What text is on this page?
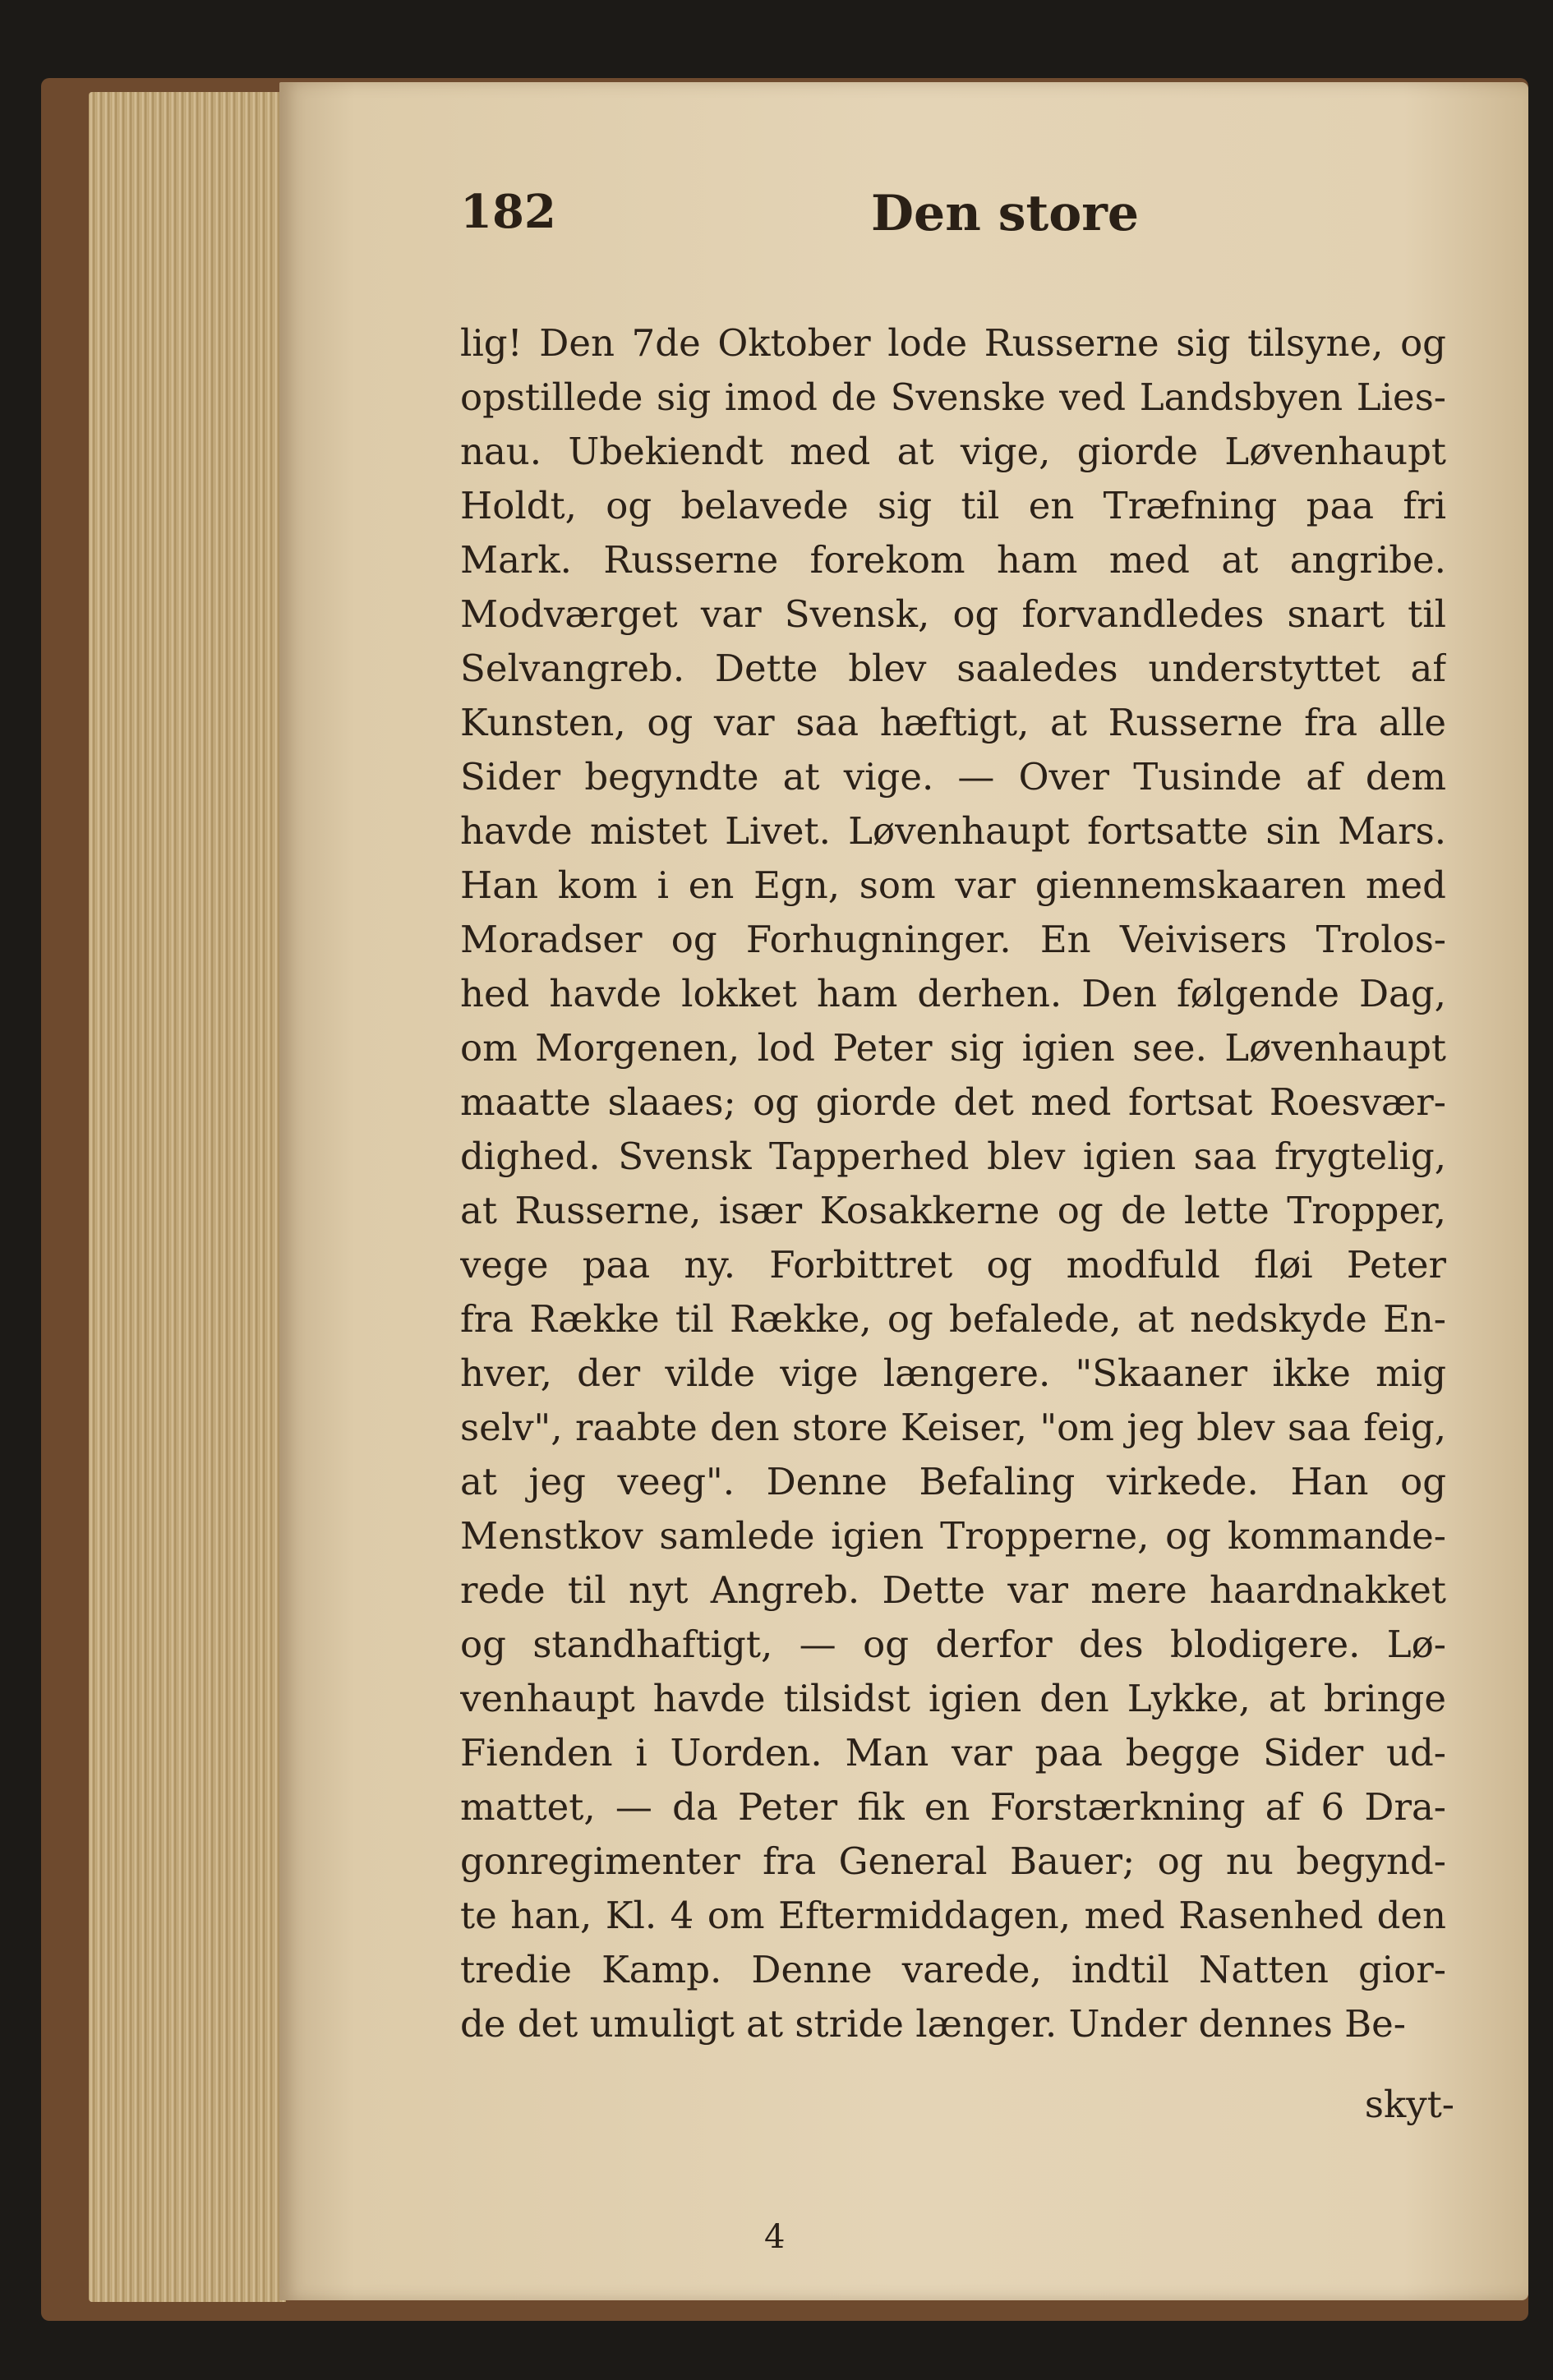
182	Den store
lig! Den 7de Oktober lode Russerne sig tilsyne, og
opstillede sig imod de Svenske ved Landsbyen Lies-
nau. Ubekiendt med at vige, giorde Løvenhaupt
Holdt, og belavede sig til en Træfning paa fri
Mark. Russerne forekom ham med at angribe.
Modværget var Svensk, og forvandledes snart til
Selvangreb. Dette blev saaledes understyttet af
Kunsten, og var saa hæftigt, at Russerne fra alle
Sider begyndte at vige. — Over Tusinde af dem
havde mistet Livet. Løvenhaupt fortsatte sin Mars.
Han kom i en Egn, som var giennemskaaren med
Moradser og Forhugninger. En Veivisers Trolos-
hed havde lokket ham derhen. Den følgende Dag,
om Morgenen, lod Peter sig igien see. Løvenhaupt
maatte slaaes; og giorde det med fortsat Roesvær-
dighed. Svensk Tapperhed blev igien saa frygtelig,
at Russerne, især Kosakkerne og de lette Tropper,
vege paa ny. Forbittret og modfuld fløi Peter
fra Række til Række, og befalede, at nedskyde En-
hver, der vilde vige længere. "Skaaner ikke mig
selv", raabte den store Keiser, "om jeg blev saa feig,
at jeg veeg". Denne Befaling virkede. Han og
Menstkov samlede igien Tropperne, og kommande-
rede til nyt Angreb. Dette var mere haardnakket
og standhaftigt, — og derfor des blodigere. Lø-
venhaupt havde tilsidst igien den Lykke, at bringe
Fienden i Uorden. Man var paa begge Sider ud-
mattet, — da Peter fik en Forstærkning af 6 Dra-
gonregimenter fra General Bauer; og nu begynd-
te han, Kl. 4 om Eftermiddagen, med Rasenhed den
tredie Kamp. Denne varede, indtil Natten gior-
de det umuligt at stride længer. Under dennes Be-
skyt-
4
